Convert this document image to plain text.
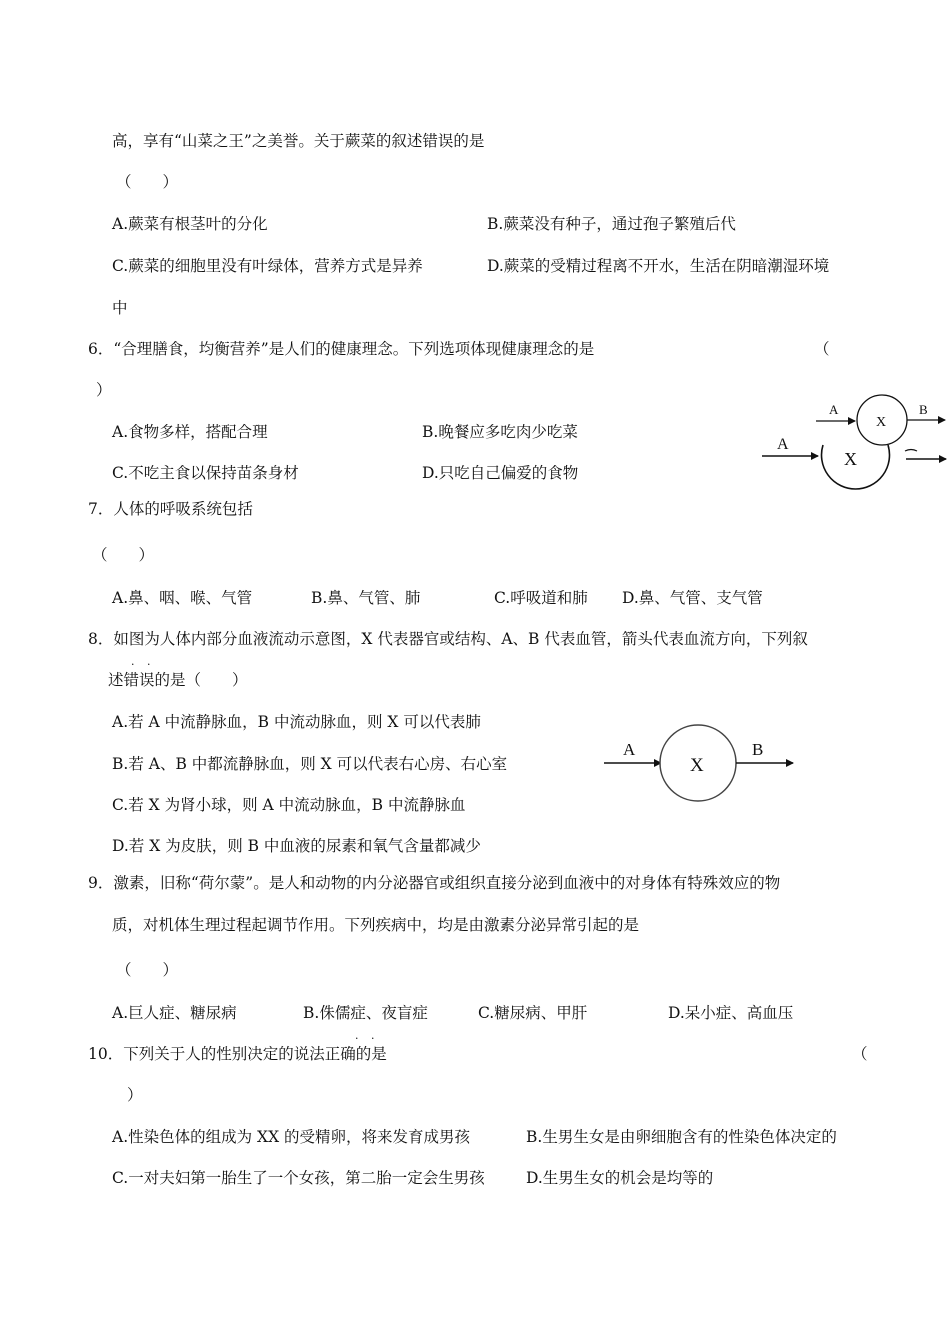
高，享有“山菜之王”之美誉。关于蕨菜的叙述错误的是
（　　）
A.蕨菜有根茎叶的分化	B.蕨菜没有种子，通过孢子繁殖后代
C.蕨菜的细胞里没有叶绿体，营养方式是异养	D.蕨菜的受精过程离不开水，生活在阴暗潮湿环境
中
6．“合理膳食，均衡营养”是人们的健康理念。下列选项体现健康理念的是	（
）
A.食物多样，搭配合理	B.晚餐应多吃肉少吃菜
C.不吃主食以保持苗条身材	D.只吃自己偏爱的食物
A
X
B
A
X
7．人体的呼吸系统包括
（　　）
A.鼻、咽、喉、气管	B.鼻、气管、肺	C.呼吸道和肺 D.鼻、气管、支气管
8．如图为人体内部分血液流动示意图，X 代表器官或结构、A、B 代表血管，箭头代表血流方向，下列叙
· ·
述错误的是（　　）
A.若 A 中流静脉血，B 中流动脉血，则 X 可以代表肺
B.若 A、B 中都流静脉血，则 X 可以代表右心房、右心室
C.若 X 为肾小球，则 A 中流动脉血，B 中流静脉血
D.若 X 为皮肤，则 B 中血液的尿素和氧气含量都减少
A
X
B
9．激素，旧称“荷尔蒙”。是人和动物的内分泌器官或组织直接分泌到血液中的对身体有特殊效应的物
质，对机体生理过程起调节作用。下列疾病中，均是由激素分泌异常引起的是
（　　）
A.巨人症、糖尿病	B.侏儒症、夜盲症	C.糖尿病、甲肝	D.呆小症、高血压
· ·
10．下列关于人的性别决定的说法正确的是	（
）
A.性染色体的组成为 XX 的受精卵，将来发育成男孩	B.生男生女是由卵细胞含有的性染色体决定的
C.一对夫妇第一胎生了一个女孩，第二胎一定会生男孩	D.生男生女的机会是均等的
